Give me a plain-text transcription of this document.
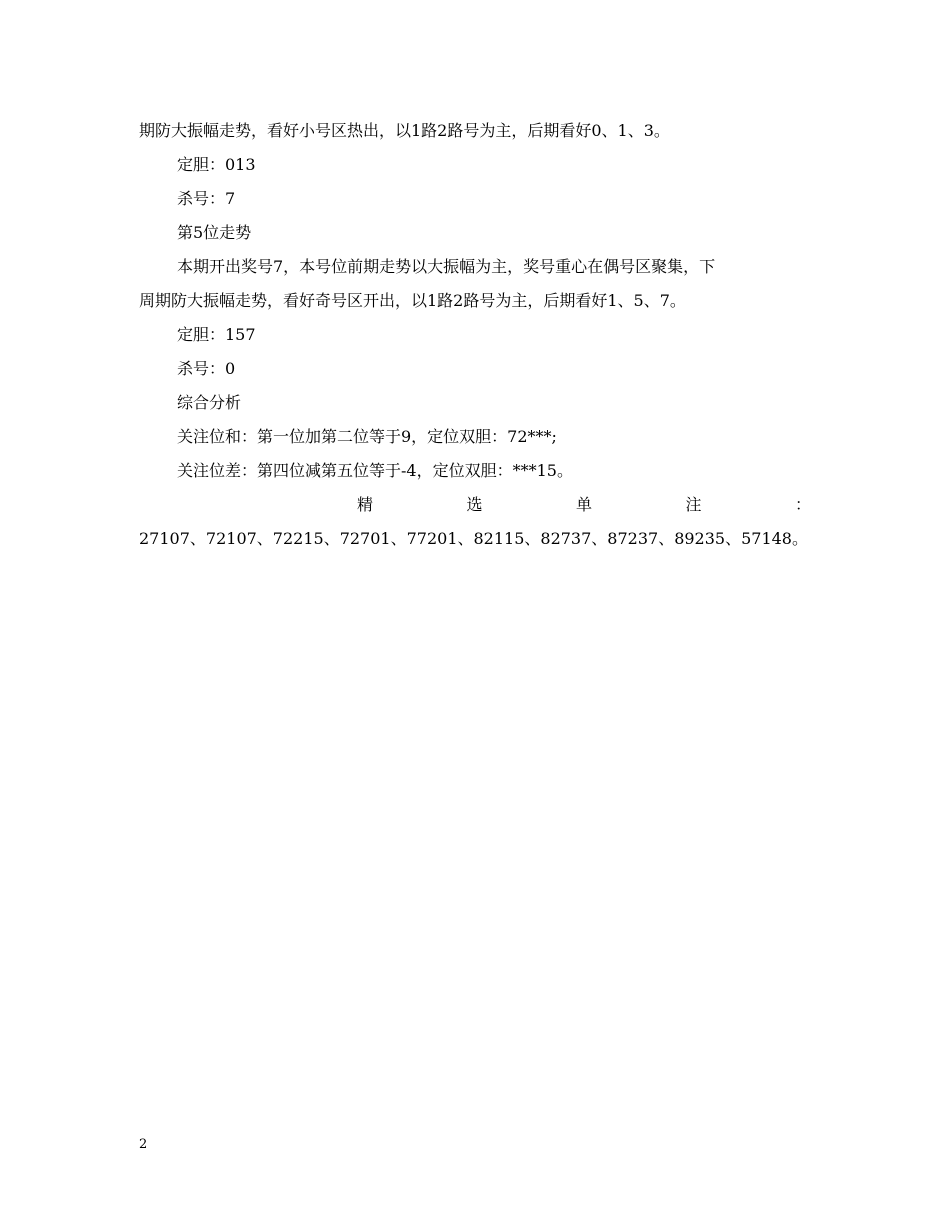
期防大振幅走势，看好小号区热出，以1路2路号为主，后期看好0、1、3。
定胆：013
杀号：7
第5位走势
本期开出奖号7，本号位前期走势以大振幅为主，奖号重心在偶号区聚集，下
周期防大振幅走势，看好奇号区开出，以1路2路号为主，后期看好1、5、7。
定胆：157
杀号：0
综合分析
关注位和：第一位加第二位等于9，定位双胆：72***;
关注位差：第四位减第五位等于-4，定位双胆：***15。
精	选	单	注	：
27107、72107、72215、72701、77201、82115、82737、87237、89235、57148。
2
